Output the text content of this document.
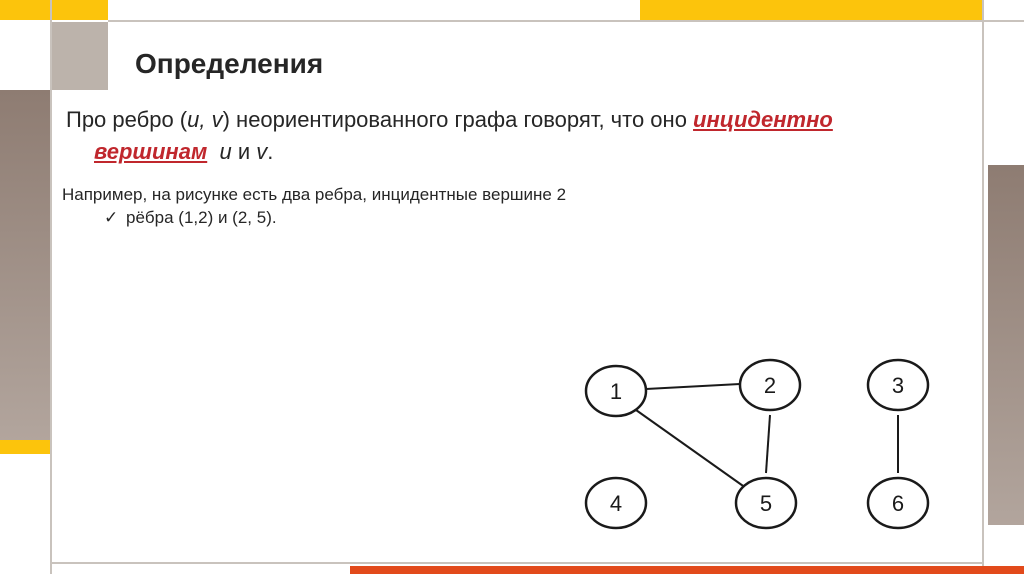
Определения
Про ребро (u, v) неориентированного графа говорят, что оно инцидентно
вершинам u и v.
Например, на рисунке есть два ребра, инцидентные вершине 2
✓ рёбра (1,2) и (2, 5).
1	2	3
4	5	6
